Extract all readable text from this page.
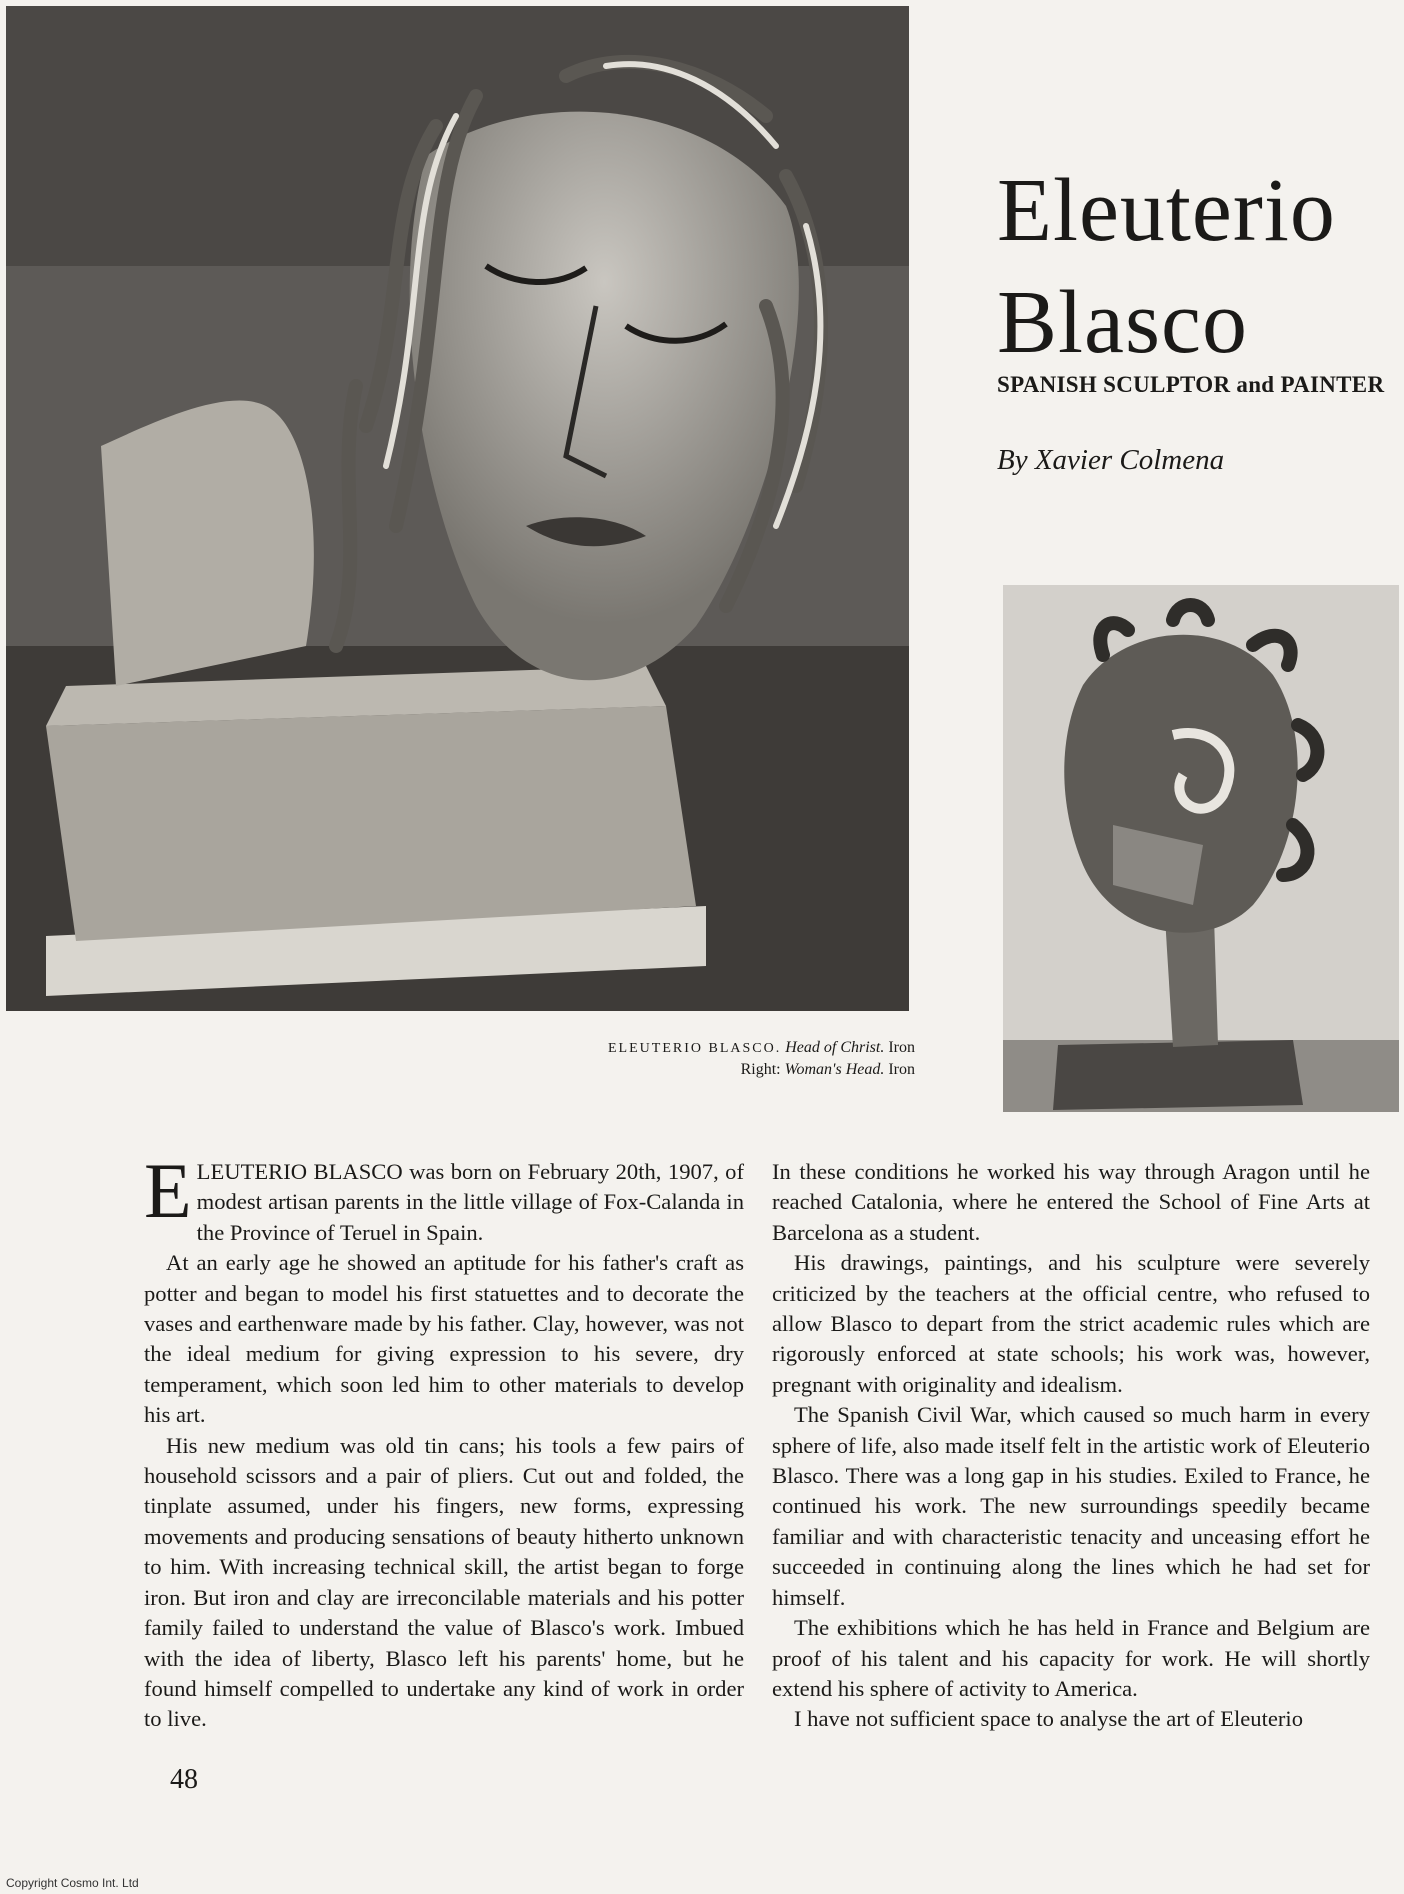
Eleuterio
Blasco
SPANISH SCULPTOR and PAINTER
By Xavier Colmena
ELEUTERIO BLASCO. Head of Christ. Iron
Right: Woman's Head. Iron

ELEUTERIO BLASCO was born on February 20th, 1907, of modest artisan parents in the little village of Fox-Calanda in the Province of Teruel in Spain.

At an early age he showed an aptitude for his father's craft as potter and began to model his first statuettes and to decorate the vases and earthenware made by his father. Clay, however, was not the ideal medium for giving expression to his severe, dry temperament, which soon led him to other materials to develop his art.

His new medium was old tin cans; his tools a few pairs of household scissors and a pair of pliers. Cut out and folded, the tinplate assumed, under his fingers, new forms, expressing movements and producing sensations of beauty hitherto unknown to him. With increasing technical skill, the artist began to forge iron. But iron and clay are irreconcilable materials and his potter family failed to understand the value of Blasco's work. Imbued with the idea of liberty, Blasco left his parents' home, but he found himself compelled to undertake any kind of work in order to live.

In these conditions he worked his way through Aragon until he reached Catalonia, where he entered the School of Fine Arts at Barcelona as a student.

His drawings, paintings, and his sculpture were severely criticized by the teachers at the official centre, who refused to allow Blasco to depart from the strict academic rules which are rigorously enforced at state schools; his work was, however, pregnant with originality and idealism.

The Spanish Civil War, which caused so much harm in every sphere of life, also made itself felt in the artistic work of Eleuterio Blasco. There was a long gap in his studies. Exiled to France, he continued his work. The new surroundings speedily became familiar and with characteristic tenacity and unceasing effort he succeeded in continuing along the lines which he had set for himself.

The exhibitions which he has held in France and Belgium are proof of his talent and his capacity for work. He will shortly extend his sphere of activity to America.

I have not sufficient space to analyse the art of Eleuterio

48
Copyright Cosmo Int. Ltd
